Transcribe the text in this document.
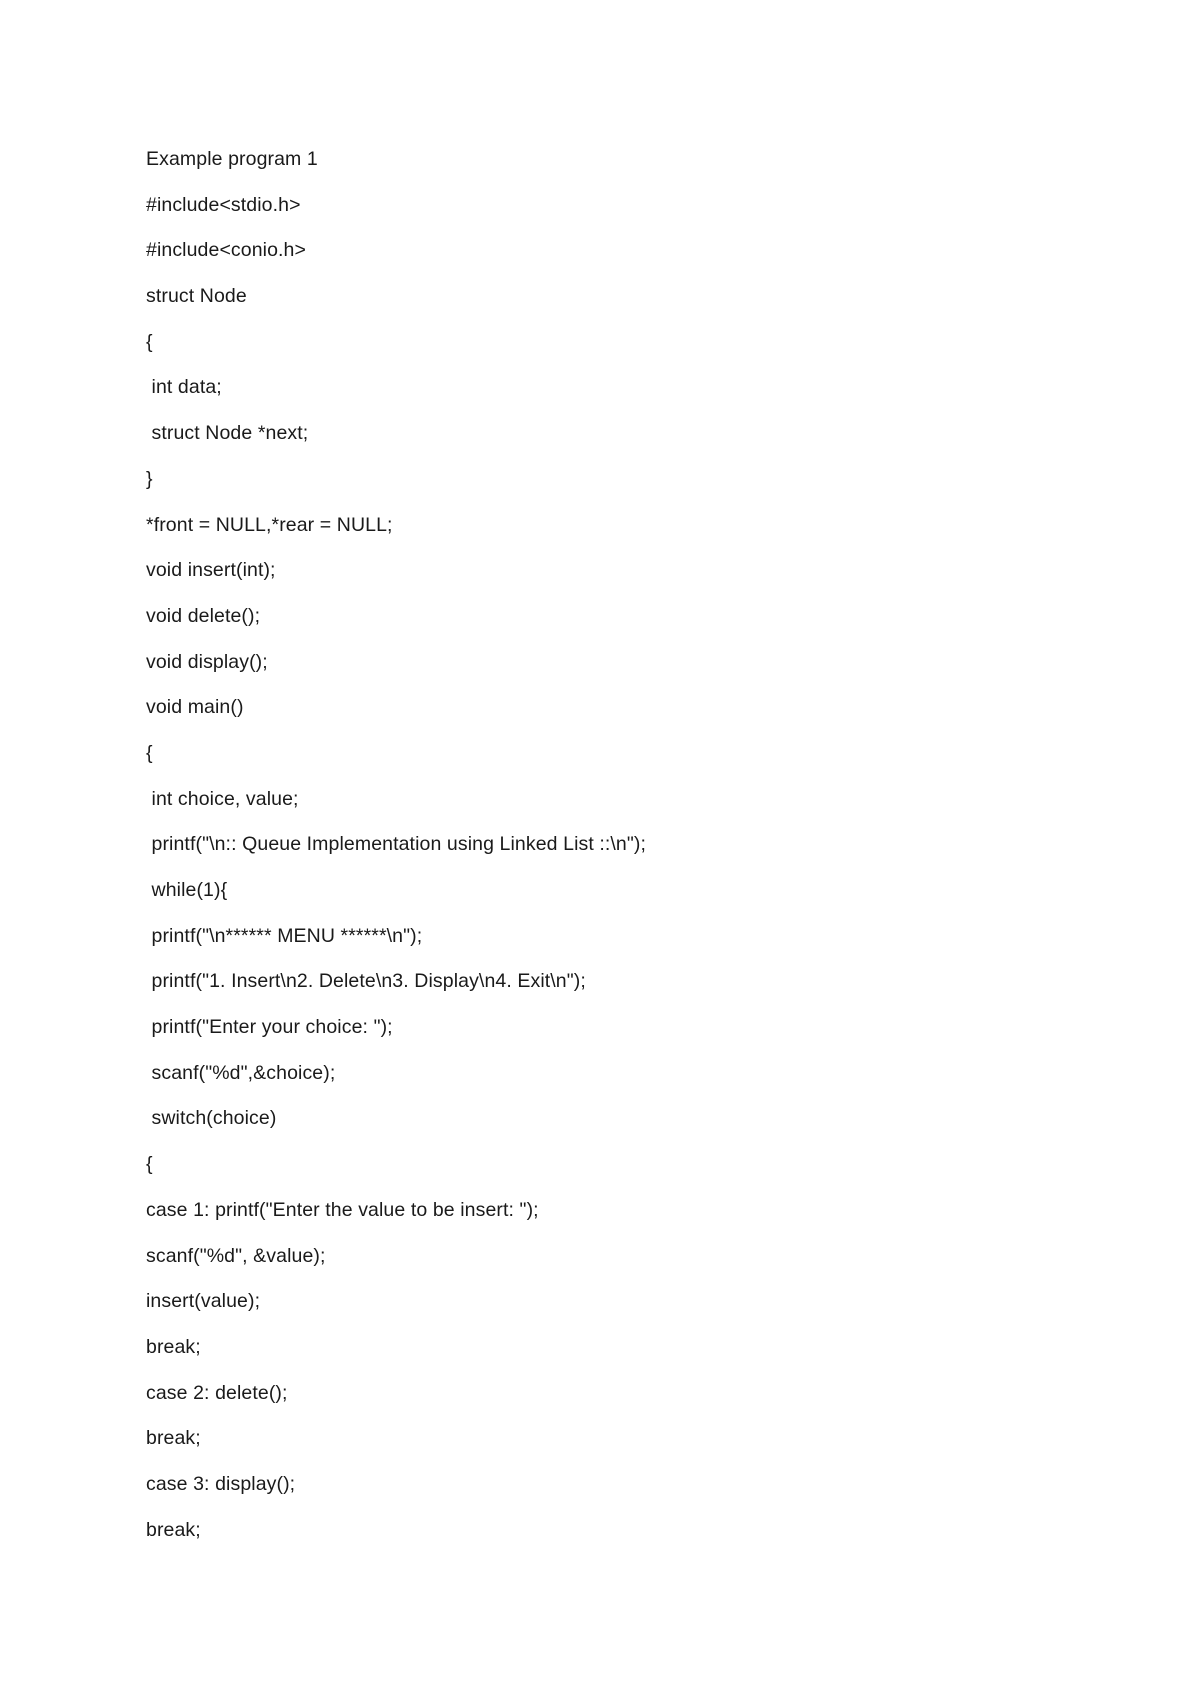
Example program 1
#include<stdio.h>
#include<conio.h>
struct Node
{
int data;
struct Node *next;
}
*front = NULL,*rear = NULL;
void insert(int);
void delete();
void display();
void main()
{
int choice, value;
printf("\n:: Queue Implementation using Linked List ::\n");
while(1){
printf("\n****** MENU ******\n");
printf("1. Insert\n2. Delete\n3. Display\n4. Exit\n");
printf("Enter your choice: ");
scanf("%d",&choice);
switch(choice)
{
case 1: printf("Enter the value to be insert: ");
scanf("%d", &value);
insert(value);
break;
case 2: delete();
break;
case 3: display();
break;
